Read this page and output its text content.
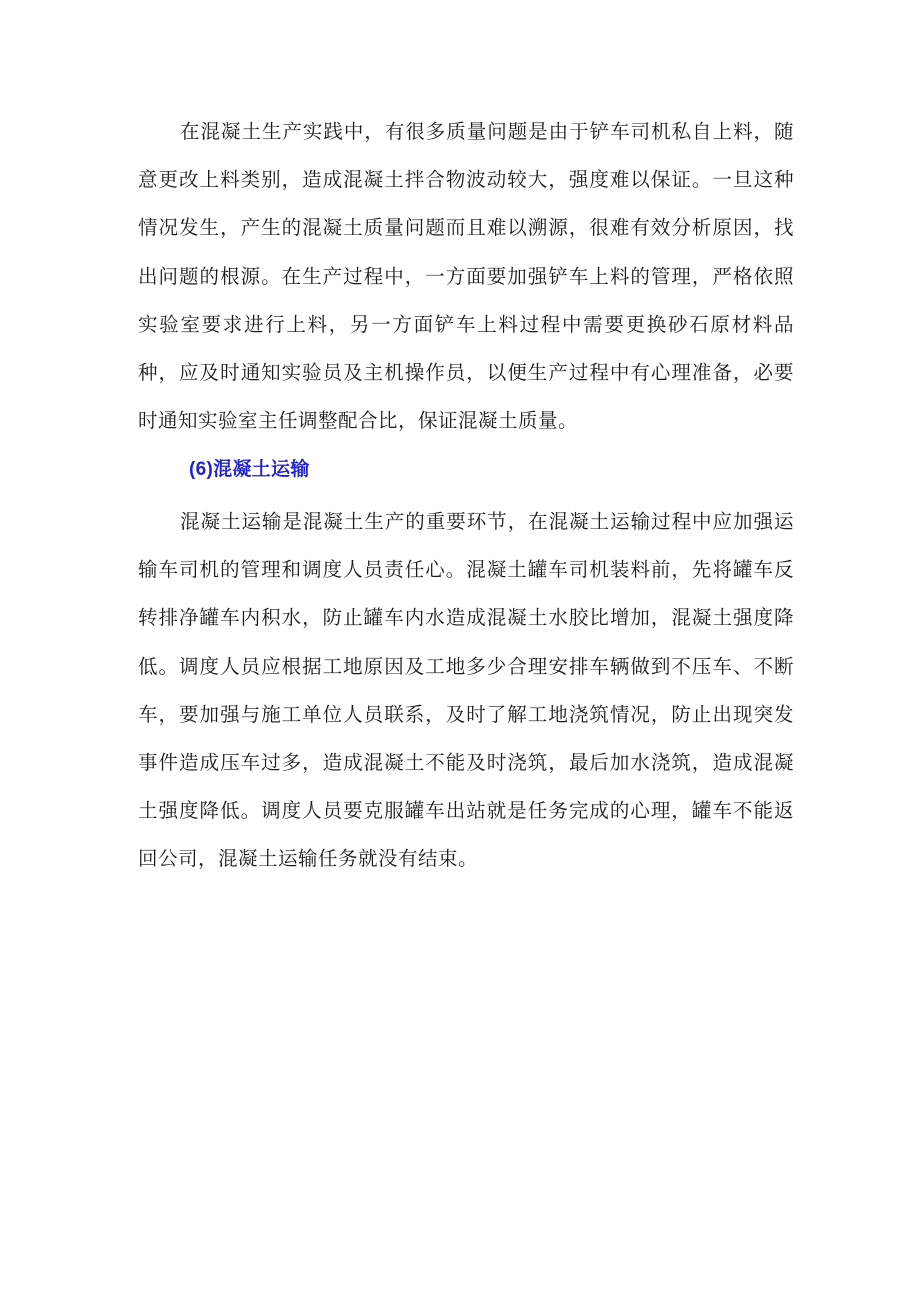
在混凝土生产实践中，有很多质量问题是由于铲车司机私自上料，随意更改上料类别，造成混凝土拌合物波动较大，强度难以保证。一旦这种情况发生，产生的混凝土质量问题而且难以溯源，很难有效分析原因，找出问题的根源。在生产过程中，一方面要加强铲车上料的管理，严格依照实验室要求进行上料，另一方面铲车上料过程中需要更换砂石原材料品种，应及时通知实验员及主机操作员，以便生产过程中有心理准备，必要时通知实验室主任调整配合比，保证混凝土质量。

(6)混凝土运输

混凝土运输是混凝土生产的重要环节，在混凝土运输过程中应加强运输车司机的管理和调度人员责任心。混凝土罐车司机装料前，先将罐车反转排净罐车内积水，防止罐车内水造成混凝土水胶比增加，混凝土强度降低。调度人员应根据工地原因及工地多少合理安排车辆做到不压车、不断车，要加强与施工单位人员联系，及时了解工地浇筑情况，防止出现突发事件造成压车过多，造成混凝土不能及时浇筑，最后加水浇筑，造成混凝土强度降低。调度人员要克服罐车出站就是任务完成的心理，罐车不能返回公司，混凝土运输任务就没有结束。
